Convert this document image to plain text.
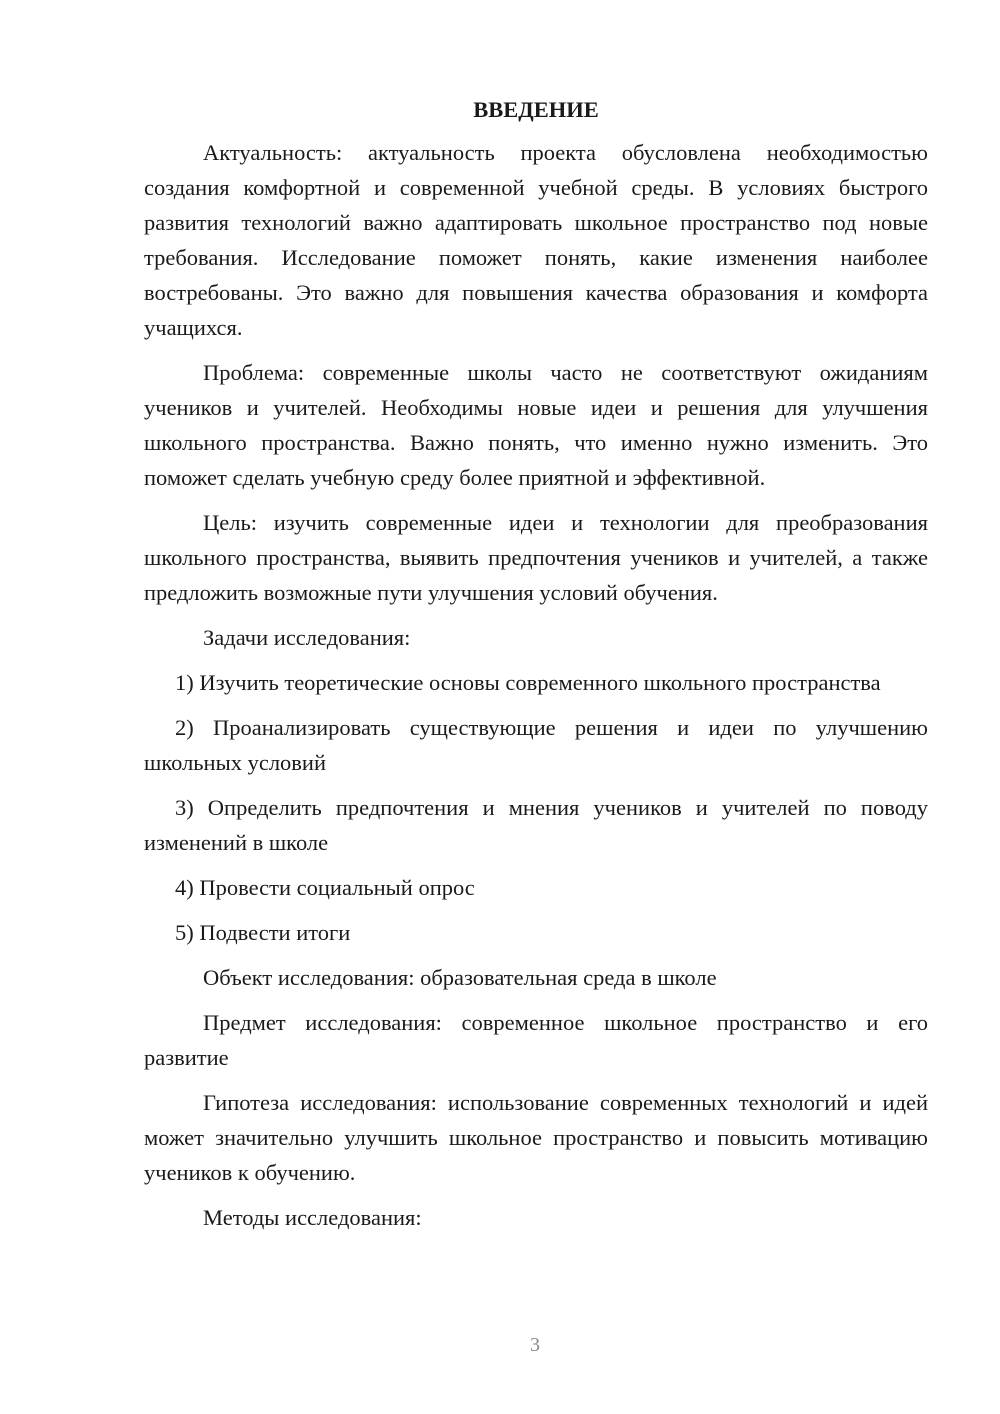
ВВЕДЕНИЕ

Актуальность: актуальность проекта обусловлена необходимостью создания комфортной и современной учебной среды. В условиях быстрого развития технологий важно адаптировать школьное пространство под новые требования. Исследование поможет понять, какие изменения наиболее востребованы. Это важно для повышения качества образования и комфорта учащихся.

Проблема: современные школы часто не соответствуют ожиданиям учеников и учителей. Необходимы новые идеи и решения для улучшения школьного пространства. Важно понять, что именно нужно изменить. Это поможет сделать учебную среду более приятной и эффективной.

Цель: изучить современные идеи и технологии для преобразования школьного пространства, выявить предпочтения учеников и учителей, а также предложить возможные пути улучшения условий обучения.

Задачи исследования:

1) Изучить теоретические основы современного школьного пространства

2) Проанализировать существующие решения и идеи по улучшению школьных условий

3) Определить предпочтения и мнения учеников и учителей по поводу изменений в школе

4) Провести социальный опрос

5) Подвести итоги

Объект исследования: образовательная среда в школе

Предмет исследования: современное школьное пространство и его развитие

Гипотеза исследования: использование современных технологий и идей может значительно улучшить школьное пространство и повысить мотивацию учеников к обучению.

Методы исследования:

3
